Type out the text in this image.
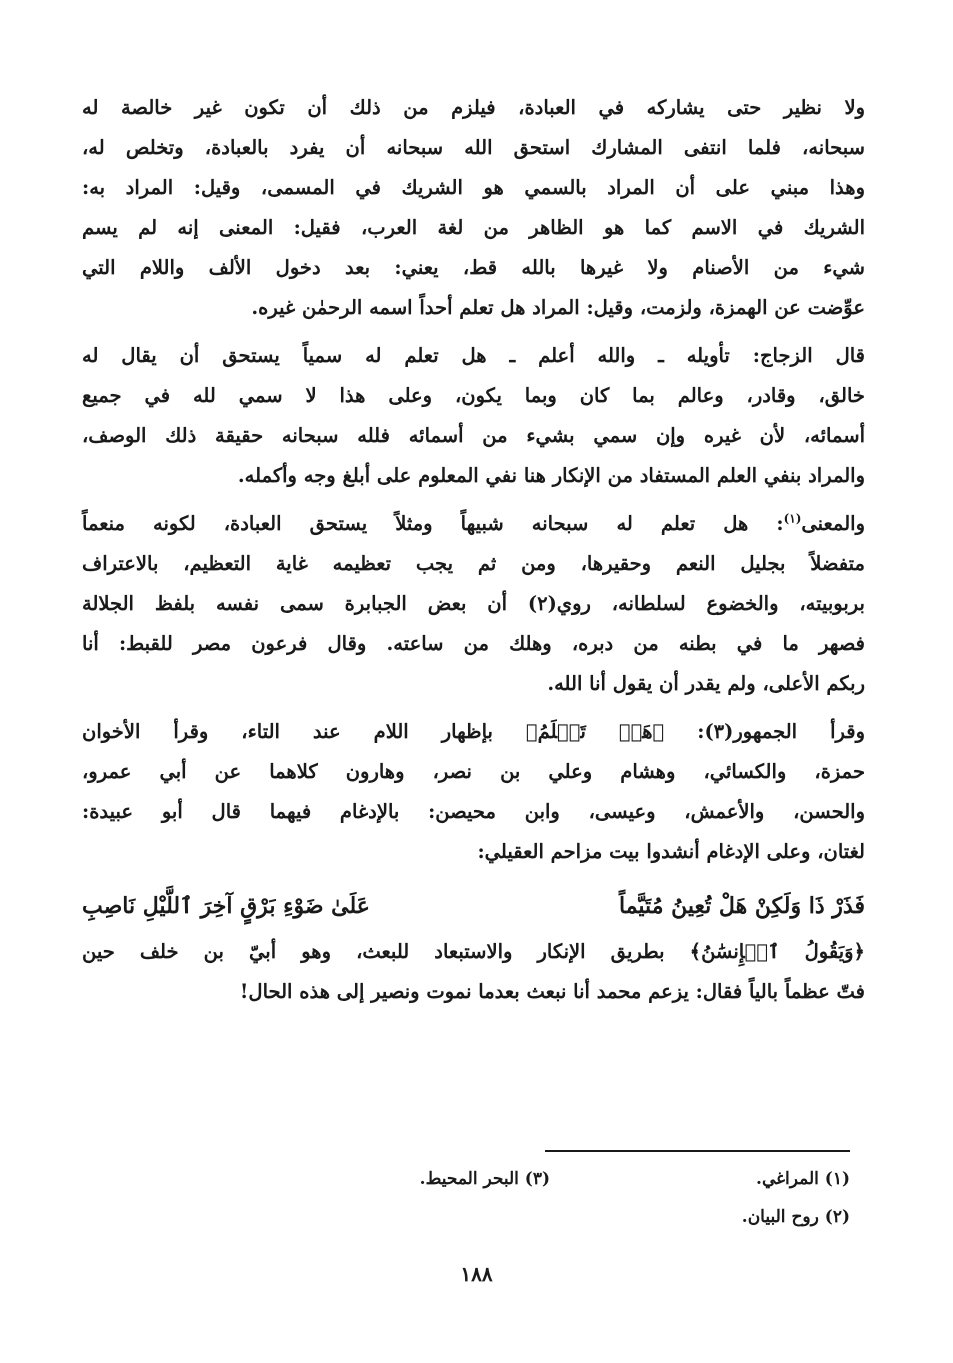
ولا نظير حتى يشاركه في العبادة، فيلزم من ذلك أن تكون غير خالصة له
سبحانه، فلما انتفى المشارك استحق الله سبحانه أن يفرد بالعبادة، وتخلص له،
وهذا مبني على أن المراد بالسمي هو الشريك في المسمى، وقيل: المراد به:
الشريك في الاسم كما هو الظاهر من لغة العرب، فقيل: المعنى إنه لم يسم
شيء من الأصنام ولا غيرها بالله قط، يعني: بعد دخول الألف واللام التي
عوِّضت عن الهمزة، ولزمت، وقيل: المراد هل تعلم أحداً اسمه الرحمٰن غيره.
قال الزجاج: تأويله ـ والله أعلم ـ هل تعلم له سمياً يستحق أن يقال له
خالق، وقادر، وعالم بما كان وبما يكون، وعلى هذا لا سمي لله في جميع
أسمائه، لأن غيره وإن سمي بشيء من أسمائه فلله سبحانه حقيقة ذلك الوصف،
والمراد بنفي العلم المستفاد من الإنكار هنا نفي المعلوم على أبلغ وجه وأكمله.
والمعنى$^{(١)}$: هل تعلم له سبحانه شبيهاً ومثلاً يستحق العبادة، لكونه منعماً
متفضلاً بجليل النعم وحقيرها، ومن ثم يجب تعظيمه غاية التعظيم، بالاعتراف
بربوبيته، والخضوع لسلطانه، روي(٢) أن بعض الجبابرة سمى نفسه بلفظ الجلالة
فصهر ما في بطنه من دبره، وهلك من ساعته. وقال فرعون مصر للقبط: أنا
ربكم الأعلى، ولم يقدر أن يقول أنا الله.
وقرأ الجمهور(٣): ﴿هَلۡ تَعۡلَمُ﴾ بإظهار اللام عند التاء، وقرأ الأخوان
حمزة، والكسائي، وهشام وعلي بن نصر، وهارون كلاهما عن أبي عمرو،
والحسن، والأعمش، وعيسى، وابن محيصن: بالإدغام فيهما قال أبو عبيدة:
لغتان، وعلى الإدغام أنشدوا بيت مزاحم العقيلي:
فَذَرْ ذَا وَلَكِنْ هَلْ تُعِينُ مُتَيَّماً
عَلَىٰ ضَوْءِ بَرْقٍ آخِرَ ٱللَّيْلِ نَاصِبِ
﴿وَيَقُولُ ٱلۡإِنسَٰنُ﴾ بطريق الإنكار والاستبعاد للبعث، وهو أبيّ بن خلف حين
فتّ عظماً بالياً فقال: يزعم محمد أنا نبعث بعدما نموت ونصير إلى هذه الحال!
(١) المراغي.
(٣) البحر المحيط.
(٢) روح البيان.
١٨٨
